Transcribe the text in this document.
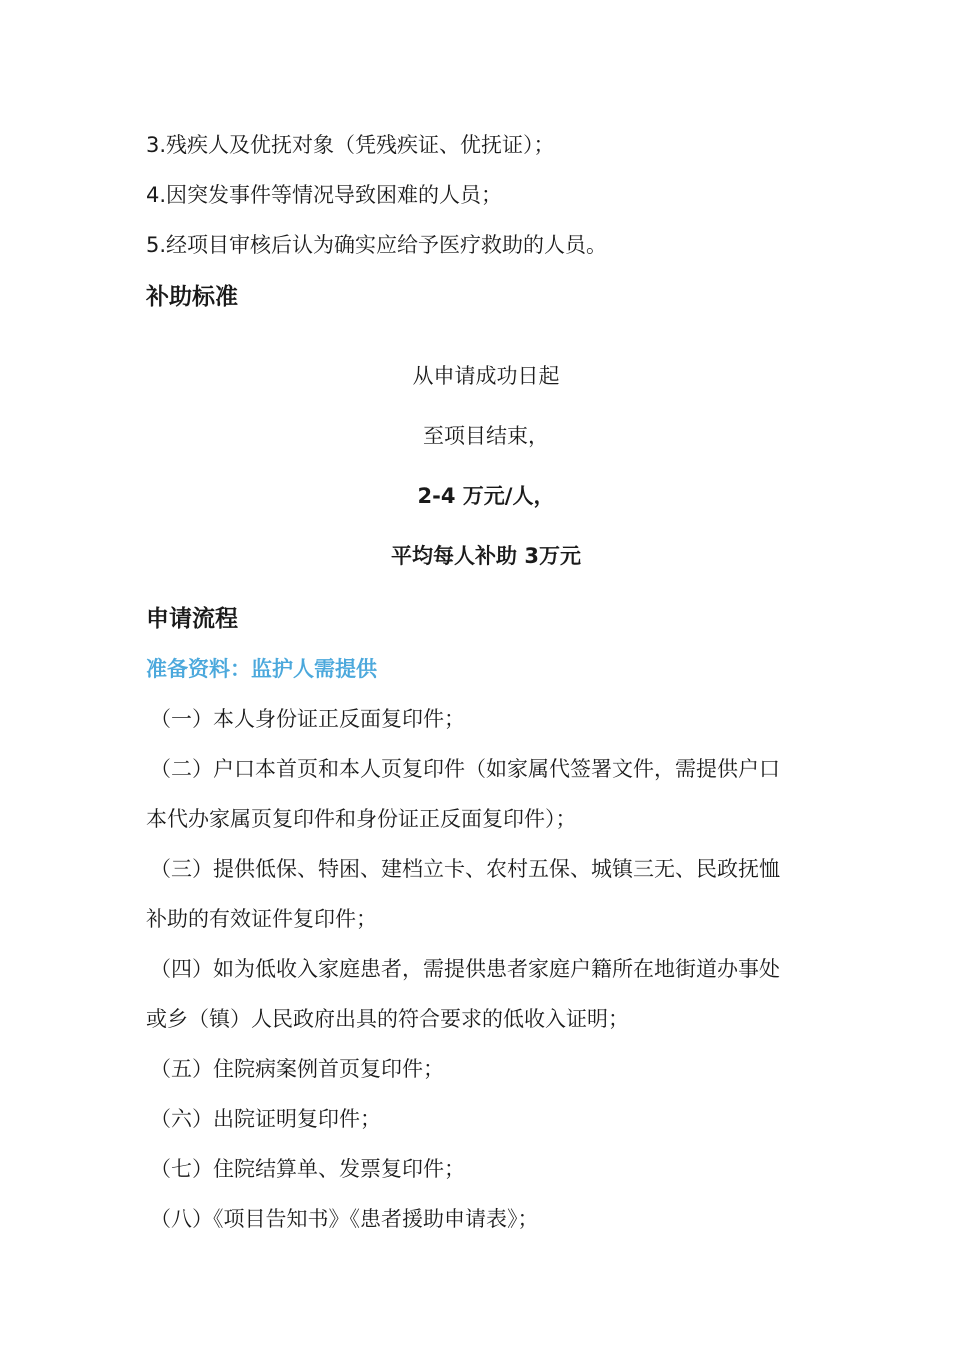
3.残疾人及优抚对象（凭残疾证、优抚证）；
4.因突发事件等情况导致困难的人员；
5.经项目审核后认为确实应给予医疗救助的人员。
补助标准
从申请成功日起
至项目结束，
2-4 万元/人，
平均每人补助 3万元
申请流程
准备资料：监护人需提供
（一）本人身份证正反面复印件；
（二）户口本首页和本人页复印件（如家属代签署文件，需提供户口
本代办家属页复印件和身份证正反面复印件）；
（三）提供低保、特困、建档立卡、农村五保、城镇三无、民政抚恤
补助的有效证件复印件；
（四）如为低收入家庭患者，需提供患者家庭户籍所在地街道办事处
或乡（镇）人民政府出具的符合要求的低收入证明；
（五）住院病案例首页复印件；
（六）出院证明复印件；
（七）住院结算单、发票复印件；
（八）《项目告知书》《患者援助申请表》；
